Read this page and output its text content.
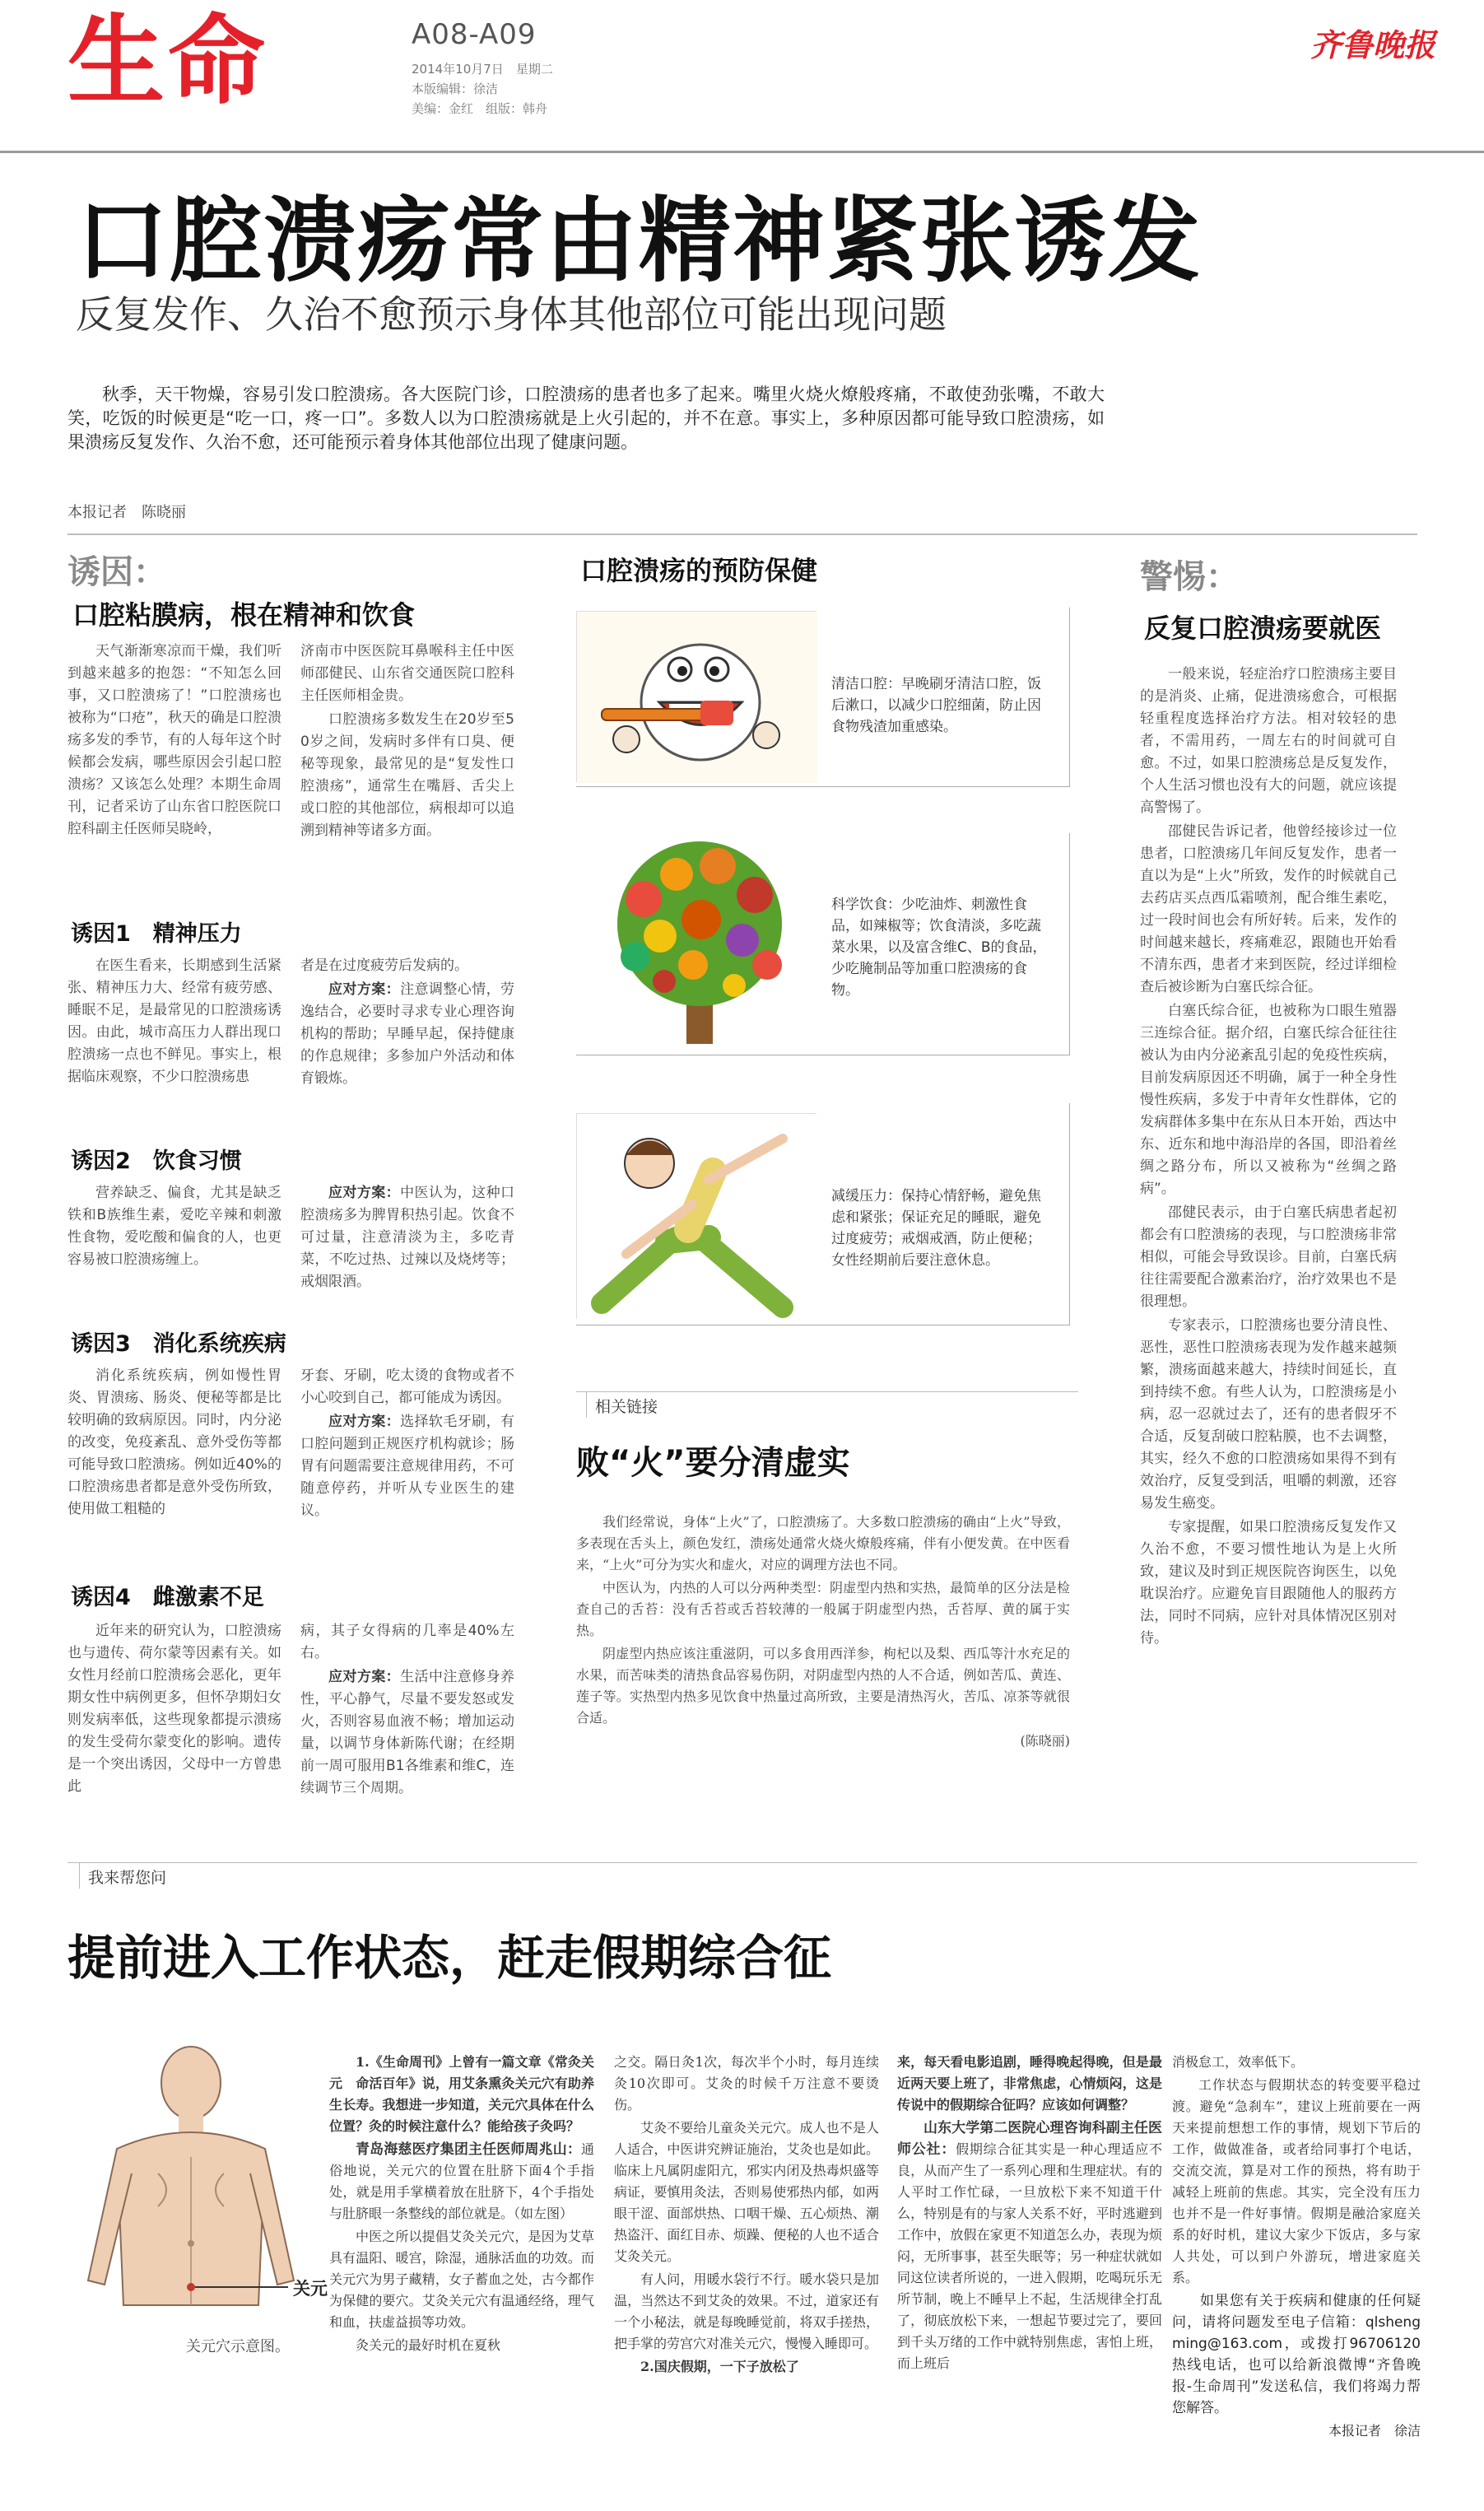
生命	A08-A09
2014年10月7日　 星期二
本版编辑：徐洁
美编：金红　 组版：韩舟
齐鲁晚报
口腔溃疡常由精神紧张诱发
反复发作、久治不愈预示身体其他部位可能出现问题

秋季，天干物燥，容易引发口腔溃疡。各大医院门诊，口腔溃疡的患者也多了起来。嘴里火烧火燎般疼痛，不敢使劲张嘴，不敢大笑，吃饭的时候更是“吃一口，疼一口”。多数人以为口腔溃疡就是上火引起的，并不在意。事实上，多种原因都可能导致口腔溃疡，如果溃疡反复发作、久治不愈，还可能预示着身体其他部位出现了健康问题。

本报记者　陈晓丽
诱因：
口腔粘膜病，根在精神和饮食

天气渐渐寒凉而干燥，我们听到越来越多的抱怨：“不知怎么回事，又口腔溃疡了！”口腔溃疡也被称为“口疮”，秋天的确是口腔溃疡多发的季节，有的人每年这个时候都会发病，哪些原因会引起口腔溃疡？又该怎么处理？本期生命周刊，记者采访了山东省口腔医院口腔科副主任医师吴晓岭，

济南市中医医院耳鼻喉科主任中医师邵健民、山东省交通医院口腔科主任医师相金贵。

口腔溃疡多数发生在20岁至50岁之间，发病时多伴有口臭、便秘等现象，最常见的是“复发性口腔溃疡”，通常生在嘴唇、舌尖上或口腔的其他部位，病根却可以追溯到精神等诸多方面。

诱因1　精神压力

在医生看来，长期感到生活紧张、精神压力大、经常有疲劳感、睡眠不足，是最常见的口腔溃疡诱因。由此，城市高压力人群出现口腔溃疡一点也不鲜见。事实上，根据临床观察，不少口腔溃疡患

者是在过度疲劳后发病的。

应对方案：注意调整心情，劳逸结合，必要时寻求专业心理咨询机构的帮助；早睡早起，保持健康的作息规律；多参加户外活动和体育锻炼。

诱因2　饮食习惯

营养缺乏、偏食，尤其是缺乏铁和B族维生素，爱吃辛辣和刺激性食物，爱吃酸和偏食的人，也更容易被口腔溃疡缠上。

应对方案：中医认为，这种口腔溃疡多为脾胃积热引起。饮食不可过量，注意清淡为主，多吃青菜，不吃过热、过辣以及烧烤等；戒烟限酒。

诱因3　消化系统疾病

消化系统疾病，例如慢性胃炎、胃溃疡、肠炎、便秘等都是比较明确的致病原因。同时，内分泌的改变，免疫紊乱、意外受伤等都可能导致口腔溃疡。例如近40%的口腔溃疡患者都是意外受伤所致，使用做工粗糙的

牙套、牙刷，吃太烫的食物或者不小心咬到自己，都可能成为诱因。

应对方案：选择软毛牙刷，有口腔问题到正规医疗机构就诊；肠胃有问题需要注意规律用药，不可随意停药，并听从专业医生的建议。

诱因4　雌激素不足

近年来的研究认为，口腔溃疡也与遗传、荷尔蒙等因素有关。如女性月经前口腔溃疡会恶化，更年期女性中病例更多，但怀孕期妇女则发病率低，这些现象都提示溃疡的发生受荷尔蒙变化的影响。遗传是一个突出诱因，父母中一方曾患此

病，其子女得病的几率是40%左右。

应对方案：生活中注意修身养性，平心静气，尽量不要发怒或发火，否则容易血液不畅；增加运动量，以调节身体新陈代谢；在经期前一周可服用B1各维素和维C，连续调节三个周期。

口腔溃疡的预防保健
清洁口腔：早晚刷牙清洁口腔，饭后漱口，以减少口腔细菌，防止因食物残渣加重感染。
科学饮食：少吃油炸、刺激性食品，如辣椒等；饮食清淡，多吃蔬菜水果，以及富含维C、B的食品，少吃腌制品等加重口腔溃疡的食物。
减缓压力：保持心情舒畅，避免焦虑和紧张；保证充足的睡眠，避免过度疲劳；戒烟戒酒，防止便秘；女性经期前后要注意休息。
相关链接
败“火”要分清虚实

我们经常说，身体“上火”了，口腔溃疡了。大多数口腔溃疡的确由“上火”导致，多表现在舌头上，颜色发红，溃疡处通常火烧火燎般疼痛，伴有小便发黄。在中医看来，“上火”可分为实火和虚火，对应的调理方法也不同。

中医认为，内热的人可以分两种类型：阴虚型内热和实热，最简单的区分法是检查自己的舌苔：没有舌苔或舌苔较薄的一般属于阴虚型内热，舌苔厚、黄的属于实热。

阴虚型内热应该注重滋阴，可以多食用西洋参，枸杞以及梨、西瓜等汁水充足的水果，而苦味类的清热食品容易伤阴，对阴虚型内热的人不合适，例如苦瓜、黄连、莲子等。实热型内热多见饮食中热量过高所致，主要是清热泻火，苦瓜、凉茶等就很合适。

(陈晓丽)

警惕：
反复口腔溃疡要就医

一般来说，轻症治疗口腔溃疡主要目的是消炎、止痛，促进溃疡愈合，可根据轻重程度选择治疗方法。相对较轻的患者，不需用药，一周左右的时间就可自愈。不过，如果口腔溃疡总是反复发作，个人生活习惯也没有大的问题，就应该提高警惕了。

邵健民告诉记者，他曾经接诊过一位患者，口腔溃疡几年间反复发作，患者一直以为是“上火”所致，发作的时候就自己去药店买点西瓜霜喷剂，配合维生素吃，过一段时间也会有所好转。后来，发作的时间越来越长，疼痛难忍，跟随也开始看不清东西，患者才来到医院，经过详细检查后被诊断为白塞氏综合征。

白塞氏综合征，也被称为口眼生殖器三连综合征。据介绍，白塞氏综合征往往被认为由内分泌紊乱引起的免疫性疾病，目前发病原因还不明确，属于一种全身性慢性疾病，多发于中青年女性群体，它的发病群体多集中在东从日本开始，西达中东、近东和地中海沿岸的各国，即沿着丝绸之路分布，所以又被称为“丝绸之路病”。

邵健民表示，由于白塞氏病患者起初都会有口腔溃疡的表现，与口腔溃疡非常相似，可能会导致误诊。目前，白塞氏病往往需要配合激素治疗，治疗效果也不是很理想。

专家表示，口腔溃疡也要分清良性、恶性，恶性口腔溃疡表现为发作越来越频繁，溃疡面越来越大，持续时间延长，直到持续不愈。有些人认为，口腔溃疡是小病，忍一忍就过去了，还有的患者假牙不合适，反复刮破口腔粘膜，也不去调整，其实，经久不愈的口腔溃疡如果得不到有效治疗，反复受到活，咀嚼的刺激，还容易发生癌变。

专家提醒，如果口腔溃疡反复发作又久治不愈，不要习惯性地认为是上火所致，建议及时到正规医院咨询医生，以免耽误治疗。应避免盲目跟随他人的服药方法，同时不同病，应针对具体情况区别对待。

我来帮您问
提前进入工作状态，赶走假期综合征
关元
关元穴示意图。

1.《生命周刊》上曾有一篇文章《常灸关元　命活百年》说，用艾条熏灸关元穴有助养生长寿。我想进一步知道，关元穴具体在什么位置？灸的时候注意什么？能给孩子灸吗？

青岛海慈医疗集团主任医师周兆山：通俗地说，关元穴的位置在肚脐下面4个手指处，就是用手掌横着放在肚脐下，4个手指处与肚脐眼一条整线的部位就是。（如左图）

中医之所以提倡艾灸关元穴，是因为艾草具有温阳、暖宫，除湿，通脉活血的功效。而关元穴为男子藏精，女子蓄血之处，古今都作为保健的要穴。艾灸关元穴有温通经络，理气和血，扶虚益损等功效。

灸关元的最好时机在夏秋

之交。隔日灸1次，每次半个小时，每月连续灸10次即可。艾灸的时候千万注意不要烫伤。

艾灸不要给儿童灸关元穴。成人也不是人人适合，中医讲究辨证施治，艾灸也是如此。临床上凡属阴虚阳亢，邪实内闭及热毒炽盛等病证，要慎用灸法，否则易使邪热内郁，如两眼干涩、面部烘热、口咽干燥、五心烦热、潮热盗汗、面红目赤、烦躁、便秘的人也不适合艾灸关元。

有人问，用暖水袋行不行。暖水袋只是加温，当然达不到艾灸的效果。不过，道家还有一个小秘法，就是每晚睡觉前，将双手搓热，把手掌的劳宫穴对准关元穴，慢慢入睡即可。

2.国庆假期，一下子放松了

来，每天看电影追剧，睡得晚起得晚，但是最近两天要上班了，非常焦虑，心情烦闷，这是传说中的假期综合征吗？应该如何调整？

山东大学第二医院心理咨询科副主任医师公社：假期综合征其实是一种心理适应不良，从而产生了一系列心理和生理症状。有的人平时工作忙碌，一旦放松下来不知道干什么，特别是有的与家人关系不好，平时逃避到工作中，放假在家更不知道怎么办，表现为烦闷，无所事事，甚至失眠等；另一种症状就如同这位读者所说的，一进入假期，吃喝玩乐无所节制，晚上不睡早上不起，生活规律全打乱了，彻底放松下来，一想起节要过完了，要回到千头万绪的工作中就特别焦虑，害怕上班，而上班后

消极怠工，效率低下。

工作状态与假期状态的转变要平稳过渡。避免“急刹车”，建议上班前要在一两天来提前想想工作的事情，规划下节后的工作，做做准备，或者给同事打个电话，交流交流，算是对工作的预热，将有助于减轻上班前的焦虑。其实，完全没有压力也并不是一件好事情。假期是融洽家庭关系的好时机，建议大家少下饭店，多与家人共处，可以到户外游玩，增进家庭关系。

如果您有关于疾病和健康的任何疑问，请将问题发至电子信箱：qlshengming@163.com，或拨打96706120热线电话，也可以给新浪微博“齐鲁晚报-生命周刊”发送私信，我们将竭力帮您解答。

本报记者　徐洁
